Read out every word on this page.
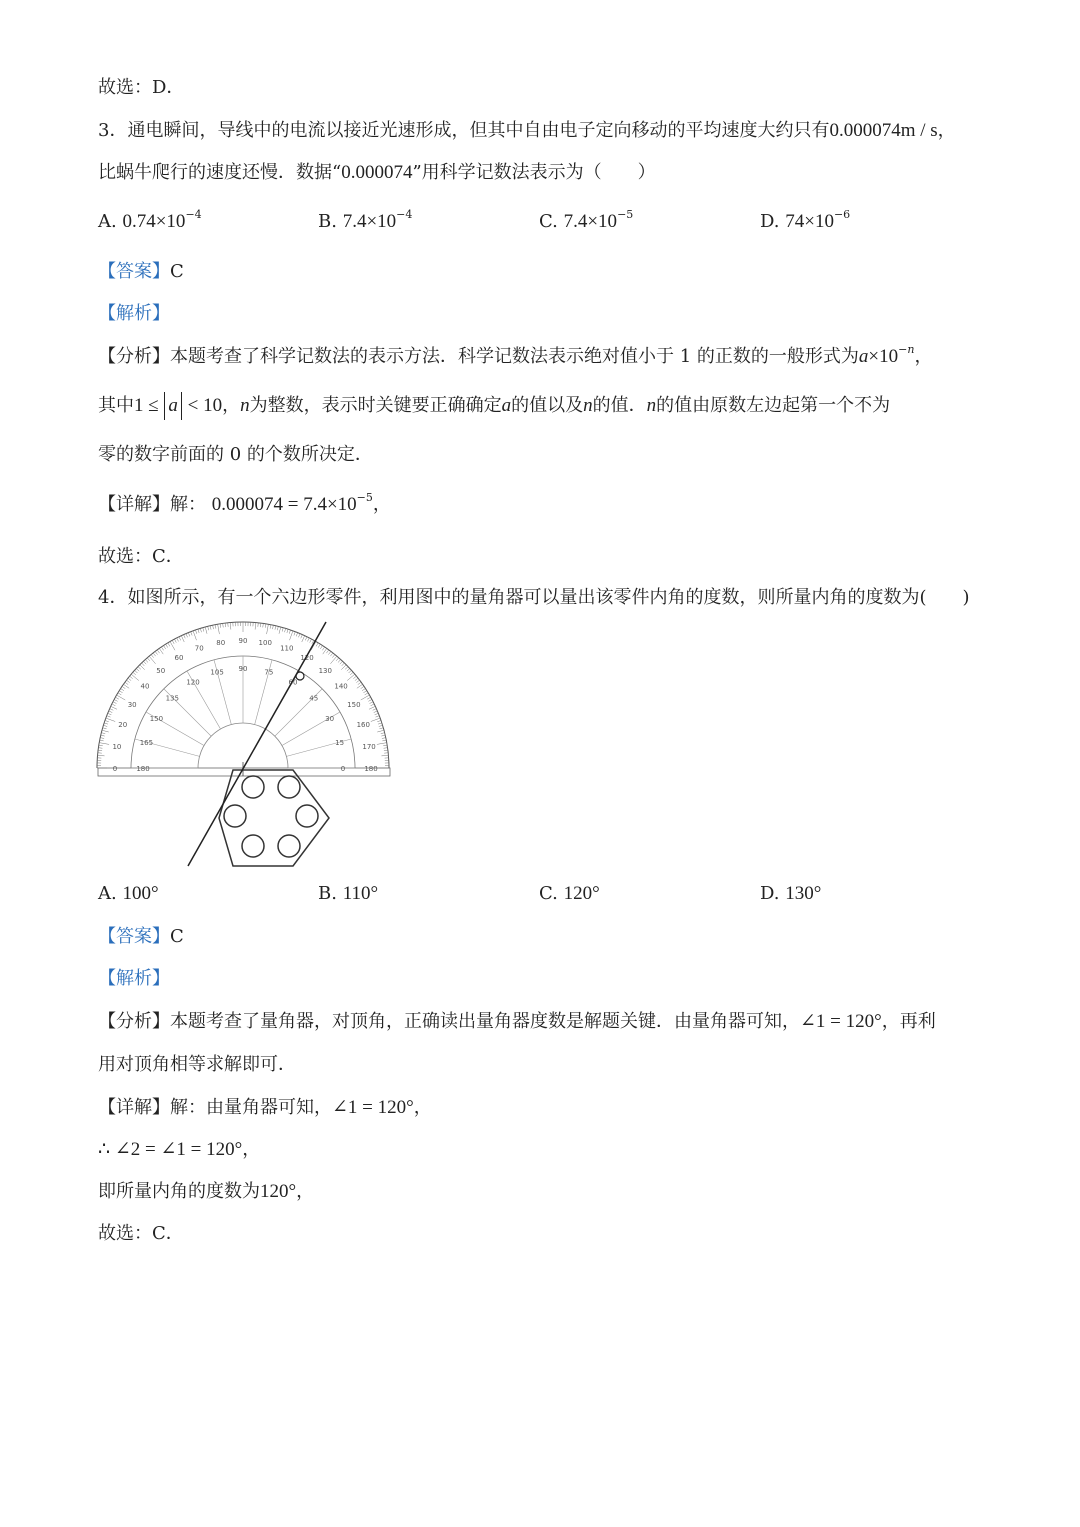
故选：D．
3．通电瞬间，导线中的电流以接近光速形成，但其中自由电子定向移动的平均速度大约只有0.000074m / s，
比蜗牛爬行的速度还慢．数据“0.000074”用科学记数法表示为（　　）
A. $0.74\times 10^{-4}$	B. $7.4\times 10^{-4}$	C. $7.4\times 10^{-5}$	D. $74\times 10^{-6}$
【答案】C
【解析】
【分析】本题考查了科学记数法的表示方法．科学记数法表示绝对值小于 1 的正数的一般形式为$a\times 10^{-n}$，
其中1 ≤ a < 10，n为整数，表示时关键要正确确定a的值以及n的值．n的值由原数左边起第一个不为
零的数字前面的 0 的个数所决定．
【详解】解： $0.000074 = 7.4\times 10^{-5}$，
故选：C．
4．如图所示，有一个六边形零件，利用图中的量角器可以量出该零件内角的度数，则所量内角的度数为(　　)
0
10
20
30
40
50
60
70
80 90 100
110
120
130
140
150
160
170
180
180
165
150
135
120
105 90 75
60
45
30
15
0
A. 100°	B. 110°	C. 120°	D. 130°
【答案】C
【解析】
【分析】本题考查了量角器，对顶角，正确读出量角器度数是解题关键．由量角器可知，∠1 = 120°，再利
用对顶角相等求解即可．
【详解】解：由量角器可知，∠1 = 120°，
∴ ∠2 = ∠1 = 120°，
即所量内角的度数为120°，
故选：C．
